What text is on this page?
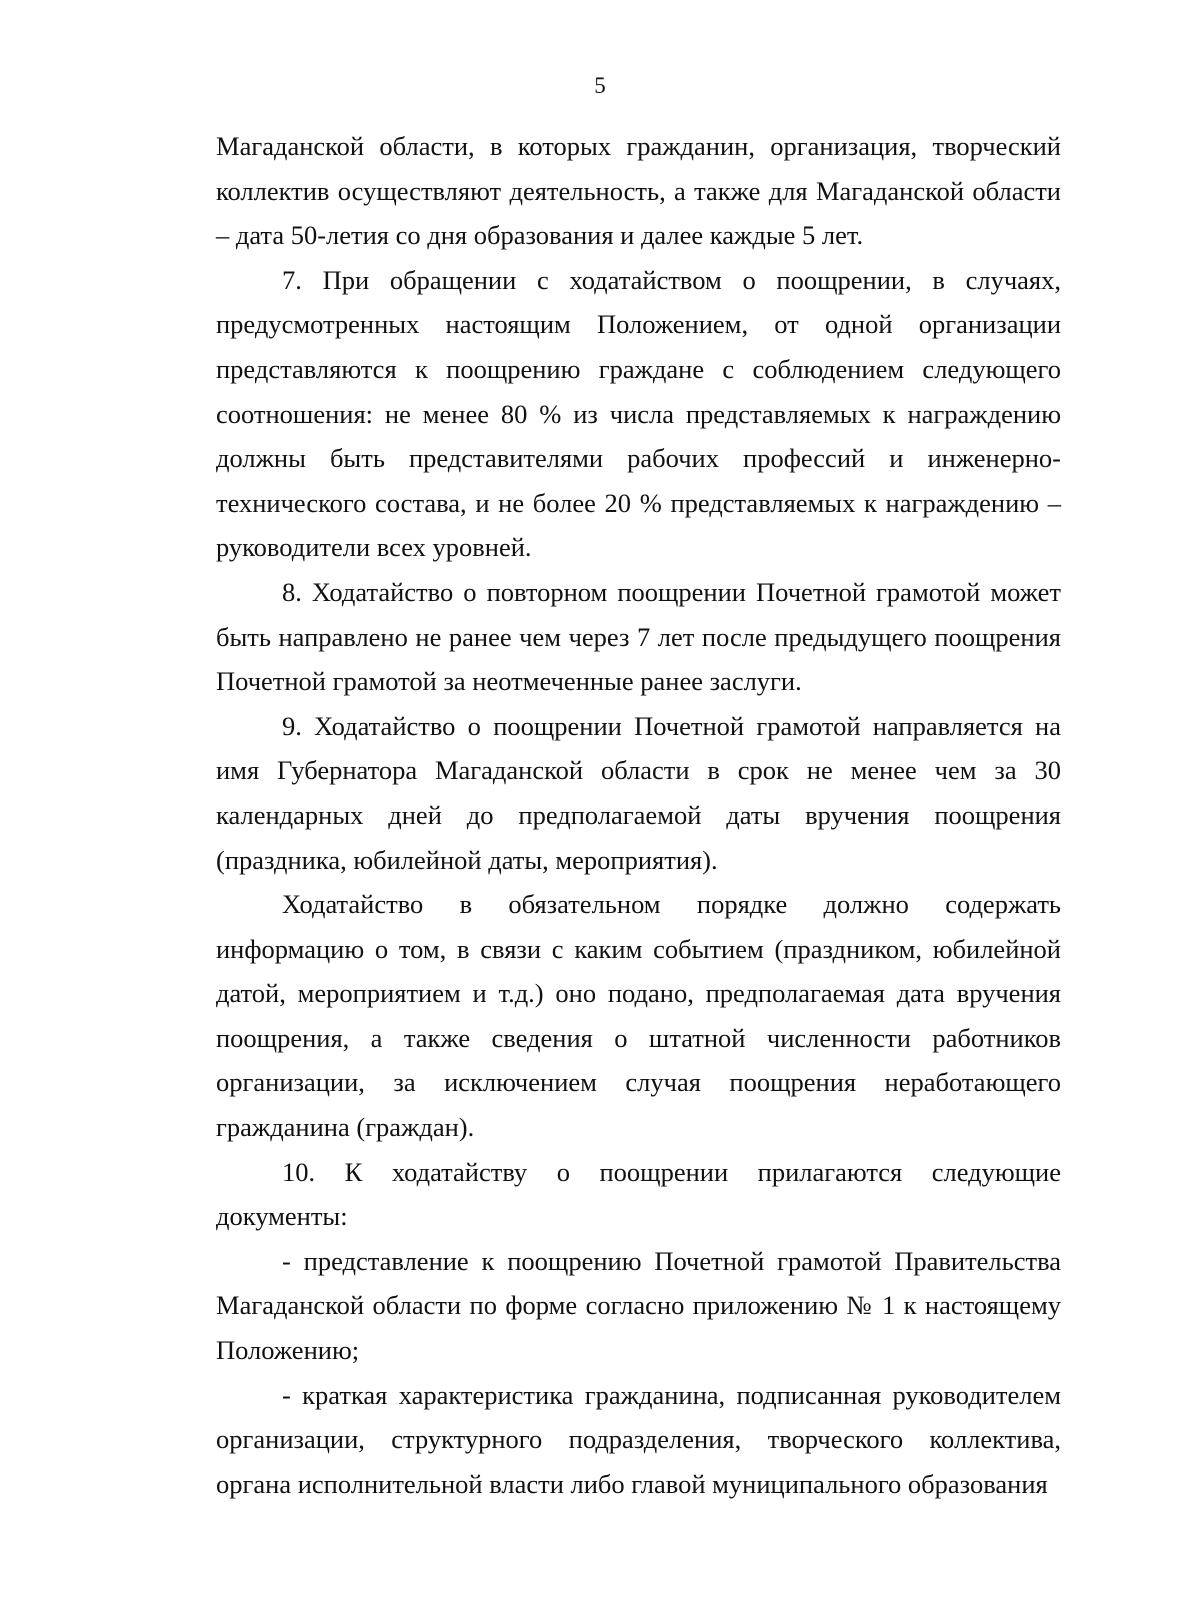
5

Магаданской области, в которых гражданин, организация, творческий коллектив осуществляют деятельность, а также для Магаданской области – дата 50-летия со дня образования и далее каждые 5 лет.

7. При обращении с ходатайством о поощрении, в случаях, предусмотренных настоящим Положением, от одной организации представляются к поощрению граждане с соблюдением следующего соотношения: не менее 80 % из числа представляемых к награждению должны быть представителями рабочих профессий и инженерно-технического состава, и не более 20 % представляемых к награждению – руководители всех уровней.

8. Ходатайство о повторном поощрении Почетной грамотой может быть направлено не ранее чем через 7 лет после предыдущего поощрения Почетной грамотой за неотмеченные ранее заслуги.

9. Ходатайство о поощрении Почетной грамотой направляется на имя Губернатора Магаданской области в срок не менее чем за 30 календарных дней до предполагаемой даты вручения поощрения (праздника, юбилейной даты, мероприятия).

Ходатайство в обязательном порядке должно содержать информацию о том, в связи с каким событием (праздником, юбилейной датой, мероприятием и т.д.) оно подано, предполагаемая дата вручения поощрения, а также сведения о штатной численности работников организации, за исключением случая поощрения неработающего гражданина (граждан).

10. К ходатайству о поощрении прилагаются следующие документы:

- представление к поощрению Почетной грамотой Правительства Магаданской области по форме согласно приложению № 1 к настоящему Положению;

- краткая характеристика гражданина, подписанная руководителем организации, структурного подразделения, творческого коллектива, органа исполнительной власти либо главой муниципального образования
